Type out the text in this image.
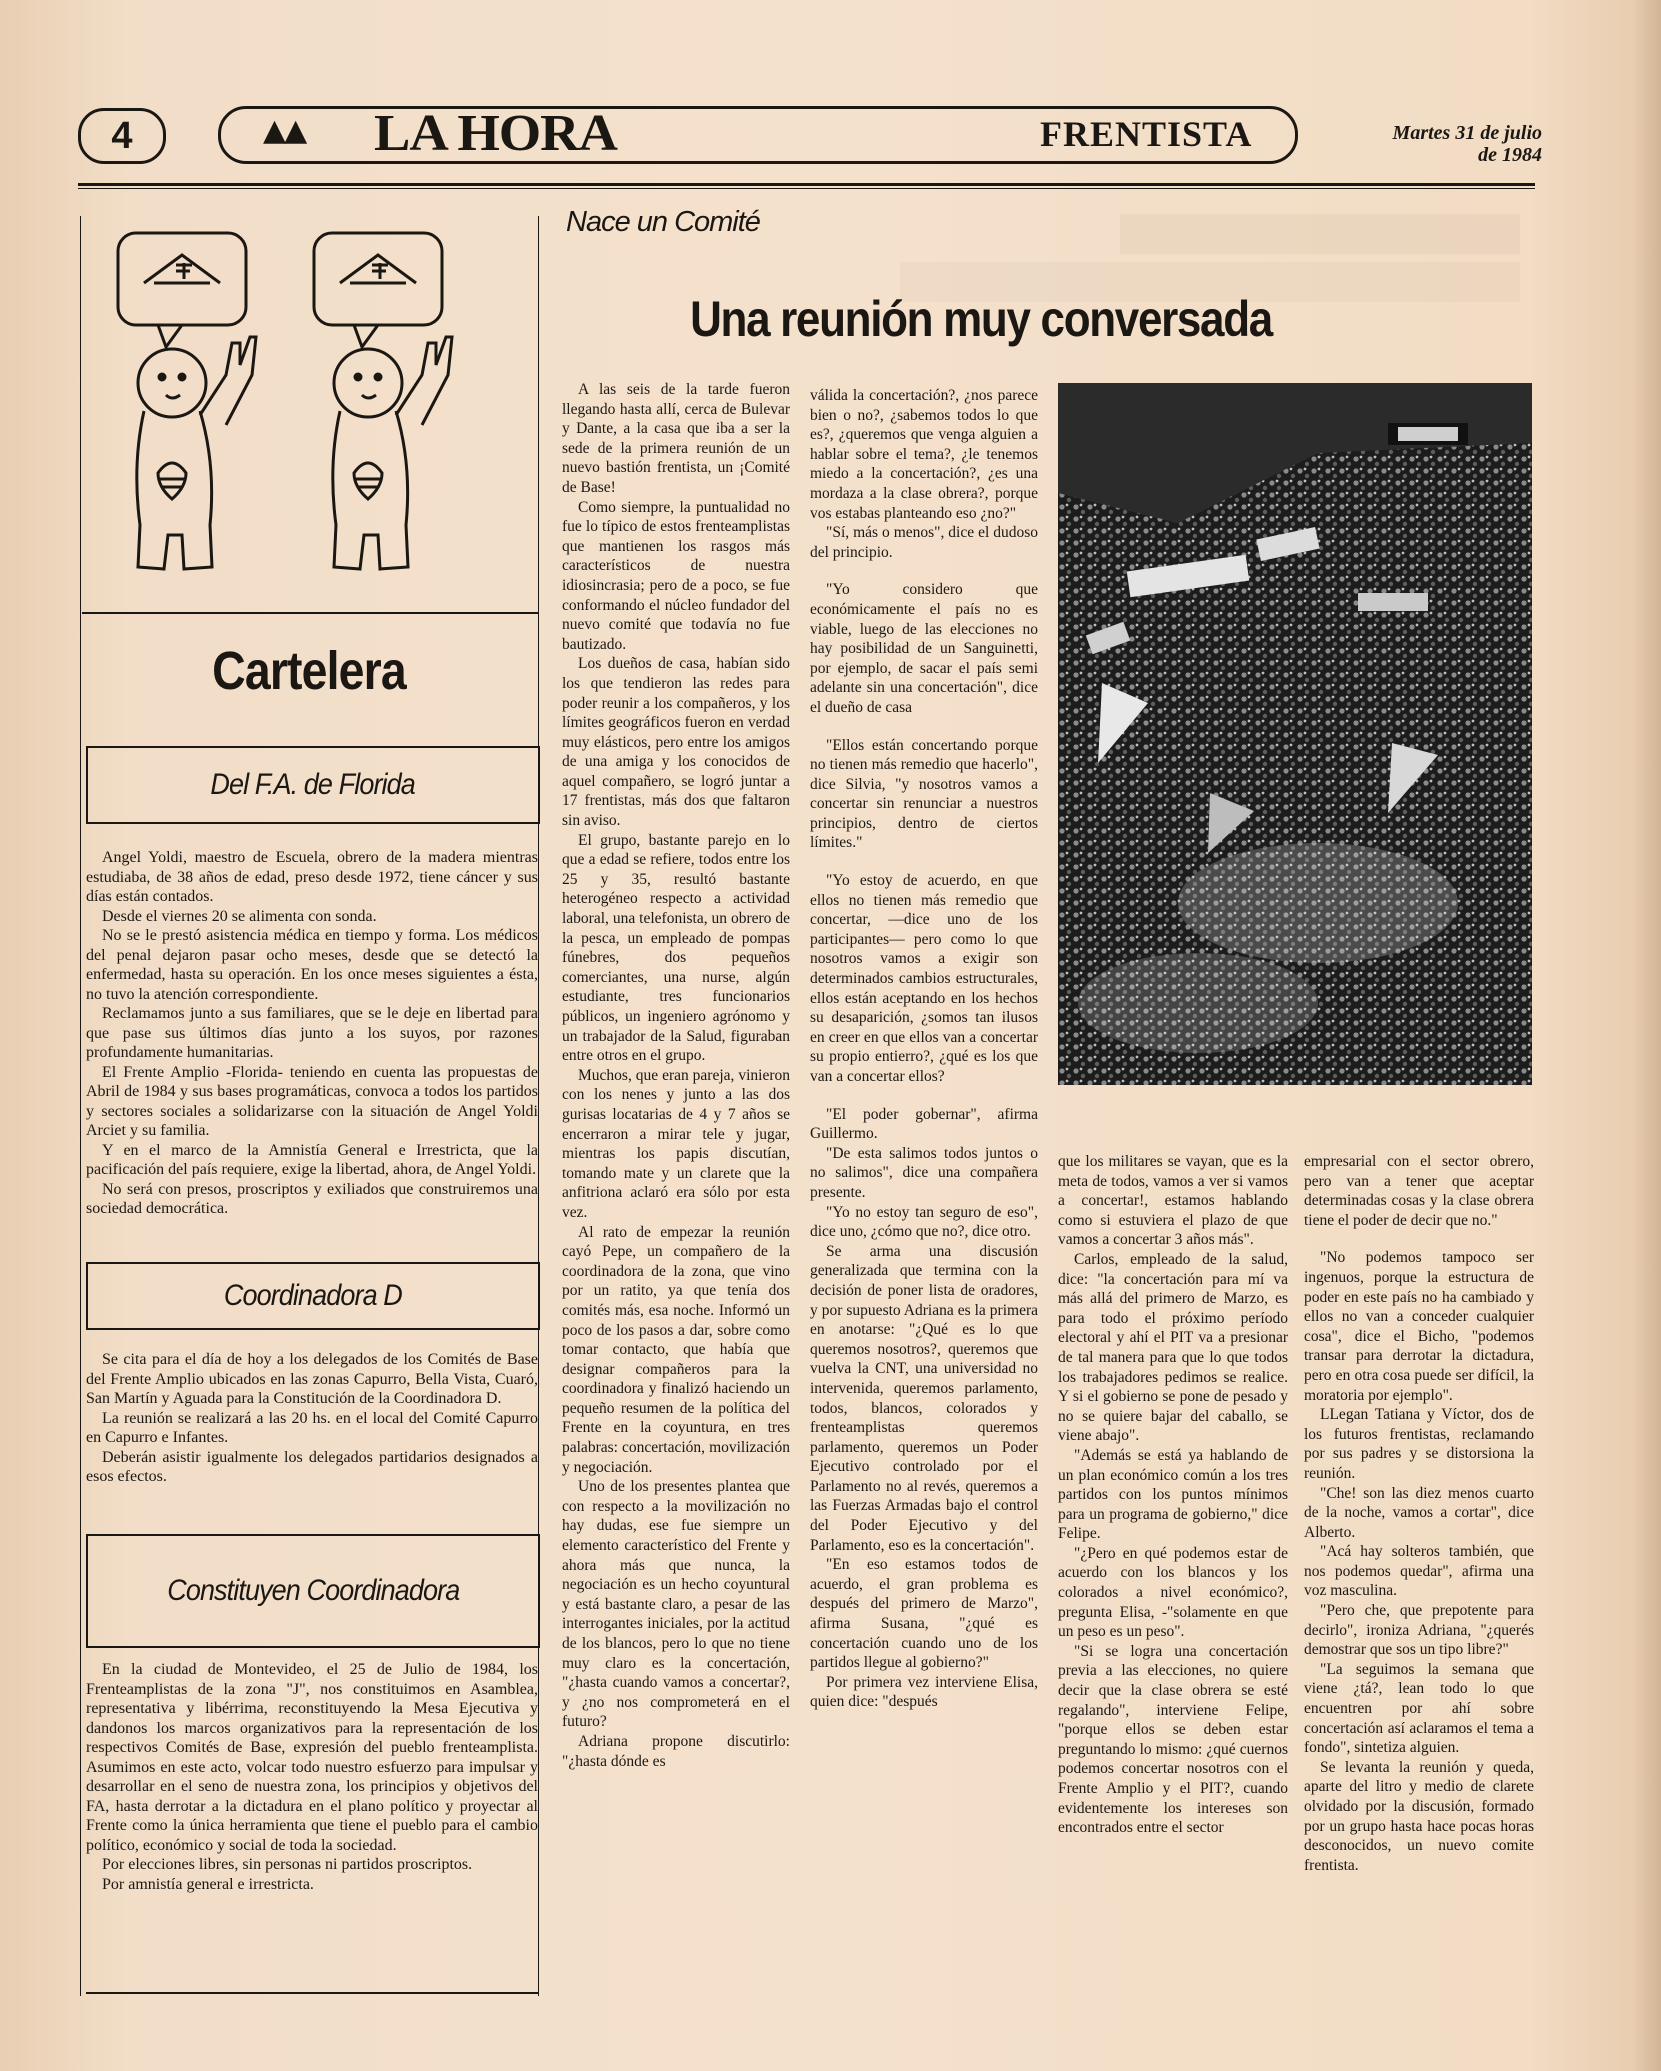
4	▲▲ LA HORA	FRENTISTA	Martes 31 de julio
de 1984
Cartelera
Del F.A. de Florida

Angel Yoldi, maestro de Escuela, obrero de la madera mientras estudiaba, de 38 años de edad, preso desde 1972, tiene cáncer y sus días están contados.

Desde el viernes 20 se alimenta con sonda.

No se le prestó asistencia médica en tiempo y forma. Los médicos del penal dejaron pasar ocho meses, desde que se detectó la enfermedad, hasta su operación. En los once meses siguientes a ésta, no tuvo la atención correspondiente.

Reclamamos junto a sus familiares, que se le deje en libertad para que pase sus últimos días junto a los suyos, por razones profundamente humanitarias.

El Frente Amplio -Florida- teniendo en cuenta las propuestas de Abril de 1984 y sus bases programáticas, convoca a todos los partidos y sectores sociales a solidarizarse con la situación de Angel Yoldi Arciet y su familia.

Y en el marco de la Amnistía General e Irrestricta, que la pacificación del país requiere, exige la libertad, ahora, de Angel Yoldi.

No será con presos, proscriptos y exiliados que construiremos una sociedad democrática.

Coordinadora D

Se cita para el día de hoy a los delegados de los Comités de Base del Frente Amplio ubicados en las zonas Capurro, Bella Vista, Cuaró, San Martín y Aguada para la Constitución de la Coordinadora D.

La reunión se realizará a las 20 hs. en el local del Comité Capurro en Capurro e Infantes.

Deberán asistir igualmente los delegados partidarios designados a esos efectos.

Constituyen Coordinadora

En la ciudad de Montevideo, el 25 de Julio de 1984, los Frenteamplistas de la zona "J", nos constituimos en Asamblea, representativa y libérrima, reconstituyendo la Mesa Ejecutiva y dandonos los marcos organizativos para la representación de los respectivos Comités de Base, expresión del pueblo frenteamplista. Asumimos en este acto, volcar todo nuestro esfuerzo para impulsar y desarrollar en el seno de nuestra zona, los principios y objetivos del FA, hasta derrotar a la dictadura en el plano político y proyectar al Frente como la única herramienta que tiene el pueblo para el cambio político, económico y social de toda la sociedad.

Por elecciones libres, sin personas ni partidos proscriptos.

Por amnistía general e irrestricta.

Nace un Comité
Una reunión muy conversada

A las seis de la tarde fueron llegando hasta allí, cerca de Bulevar y Dante, a la casa que iba a ser la sede de la primera reunión de un nuevo bastión frentista, un ¡Comité de Base!

Como siempre, la puntualidad no fue lo típico de estos frenteamplistas que mantienen los rasgos más característicos de nuestra idiosincrasia; pero de a poco, se fue conformando el núcleo fundador del nuevo comité que todavía no fue bautizado.

Los dueños de casa, habían sido los que tendieron las redes para poder reunir a los compañeros, y los límites geográficos fueron en verdad muy elásticos, pero entre los amigos de una amiga y los conocidos de aquel compañero, se logró juntar a 17 frentistas, más dos que faltaron sin aviso.

El grupo, bastante parejo en lo que a edad se refiere, todos entre los 25 y 35, resultó bastante heterogéneo respecto a actividad laboral, una telefonista, un obrero de la pesca, un empleado de pompas fúnebres, dos pequeños comerciantes, una nurse, algún estudiante, tres funcionarios públicos, un ingeniero agrónomo y un trabajador de la Salud, figuraban entre otros en el grupo.

Muchos, que eran pareja, vinieron con los nenes y junto a las dos gurisas locatarias de 4 y 7 años se encerraron a mirar tele y jugar, mientras los papis discutían, tomando mate y un clarete que la anfitriona aclaró era sólo por esta vez.

Al rato de empezar la reunión cayó Pepe, un compañero de la coordinadora de la zona, que vino por un ratito, ya que tenía dos comités más, esa noche. Informó un poco de los pasos a dar, sobre como tomar contacto, que había que designar compañeros para la coordinadora y finalizó haciendo un pequeño resumen de la política del Frente en la coyuntura, en tres palabras: concertación, movilización y negociación.

Uno de los presentes plantea que con respecto a la movilización no hay dudas, ese fue siempre un elemento característico del Frente y ahora más que nunca, la negociación es un hecho coyuntural y está bastante claro, a pesar de las interrogantes iniciales, por la actitud de los blancos, pero lo que no tiene muy claro es la concertación, "¿hasta cuando vamos a concertar?, y ¿no nos comprometerá en el futuro?

Adriana propone discutirlo: "¿hasta dónde es

válida la concertación?, ¿nos parece bien o no?, ¿sabemos todos lo que es?, ¿queremos que venga alguien a hablar sobre el tema?, ¿le tenemos miedo a la concertación?, ¿es una mordaza a la clase obrera?, porque vos estabas planteando eso ¿no?"

"Sí, más o menos", dice el dudoso del principio.

"Yo considero que económicamente el país no es viable, luego de las elecciones no hay posibilidad de un Sanguinetti, por ejemplo, de sacar el país semi adelante sin una concertación", dice el dueño de casa

"Ellos están concertando porque no tienen más remedio que hacerlo", dice Silvia, "y nosotros vamos a concertar sin renunciar a nuestros principios, dentro de ciertos límites."

"Yo estoy de acuerdo, en que ellos no tienen más remedio que concertar, —dice uno de los participantes— pero como lo que nosotros vamos a exigir son determinados cambios estructurales, ellos están aceptando en los hechos su desaparición, ¿somos tan ilusos en creer en que ellos van a concertar su propio entierro?, ¿qué es los que van a concertar ellos?

"El poder gobernar", afirma Guillermo.

"De esta salimos todos juntos o no salimos", dice una compañera presente.

"Yo no estoy tan seguro de eso", dice uno, ¿cómo que no?, dice otro.

Se arma una discusión generalizada que termina con la decisión de poner lista de oradores, y por supuesto Adriana es la primera en anotarse: "¿Qué es lo que queremos nosotros?, queremos que vuelva la CNT, una universidad no intervenida, queremos parlamento, todos, blancos, colorados y frenteamplistas queremos parlamento, queremos un Poder Ejecutivo controlado por el Parlamento no al revés, queremos a las Fuerzas Armadas bajo el control del Poder Ejecutivo y del Parlamento, eso es la concertación".

"En eso estamos todos de acuerdo, el gran problema es después del primero de Marzo", afirma Susana, "¿qué es concertación cuando uno de los partidos llegue al gobierno?"

Por primera vez interviene Elisa, quien dice: "después

que los militares se vayan, que es la meta de todos, vamos a ver si vamos a concertar!, estamos hablando como si estuviera el plazo de que vamos a concertar 3 años más".

Carlos, empleado de la salud, dice: "la concertación para mí va más allá del primero de Marzo, es para todo el próximo período electoral y ahí el PIT va a presionar de tal manera para que lo que todos los trabajadores pedimos se realice. Y si el gobierno se pone de pesado y no se quiere bajar del caballo, se viene abajo".

"Además se está ya hablando de un plan económico común a los tres partidos con los puntos mínimos para un programa de gobierno," dice Felipe.

"¿Pero en qué podemos estar de acuerdo con los blancos y los colorados a nivel económico?, pregunta Elisa, -"solamente en que un peso es un peso".

"Si se logra una concertación previa a las elecciones, no quiere decir que la clase obrera se esté regalando", interviene Felipe, "porque ellos se deben estar preguntando lo mismo: ¿qué cuernos podemos concertar nosotros con el Frente Amplio y el PIT?, cuando evidentemente los intereses son encontrados entre el sector

empresarial con el sector obrero, pero van a tener que aceptar determinadas cosas y la clase obrera tiene el poder de decir que no."

"No podemos tampoco ser ingenuos, porque la estructura de poder en este país no ha cambiado y ellos no van a conceder cualquier cosa", dice el Bicho, "podemos transar para derrotar la dictadura, pero en otra cosa puede ser difícil, la moratoria por ejemplo".

LLegan Tatiana y Víctor, dos de los futuros frentistas, reclamando por sus padres y se distorsiona la reunión.

"Che! son las diez menos cuarto de la noche, vamos a cortar", dice Alberto.

"Acá hay solteros también, que nos podemos quedar", afirma una voz masculina.

"Pero che, que prepotente para decirlo", ironiza Adriana, "¿querés demostrar que sos un tipo libre?"

"La seguimos la semana que viene ¿tá?, lean todo lo que encuentren por ahí sobre concertación así aclaramos el tema a fondo", sintetiza alguien.

Se levanta la reunión y queda, aparte del litro y medio de clarete olvidado por la discusión, formado por un grupo hasta hace pocas horas desconocidos, un nuevo comite frentista.
